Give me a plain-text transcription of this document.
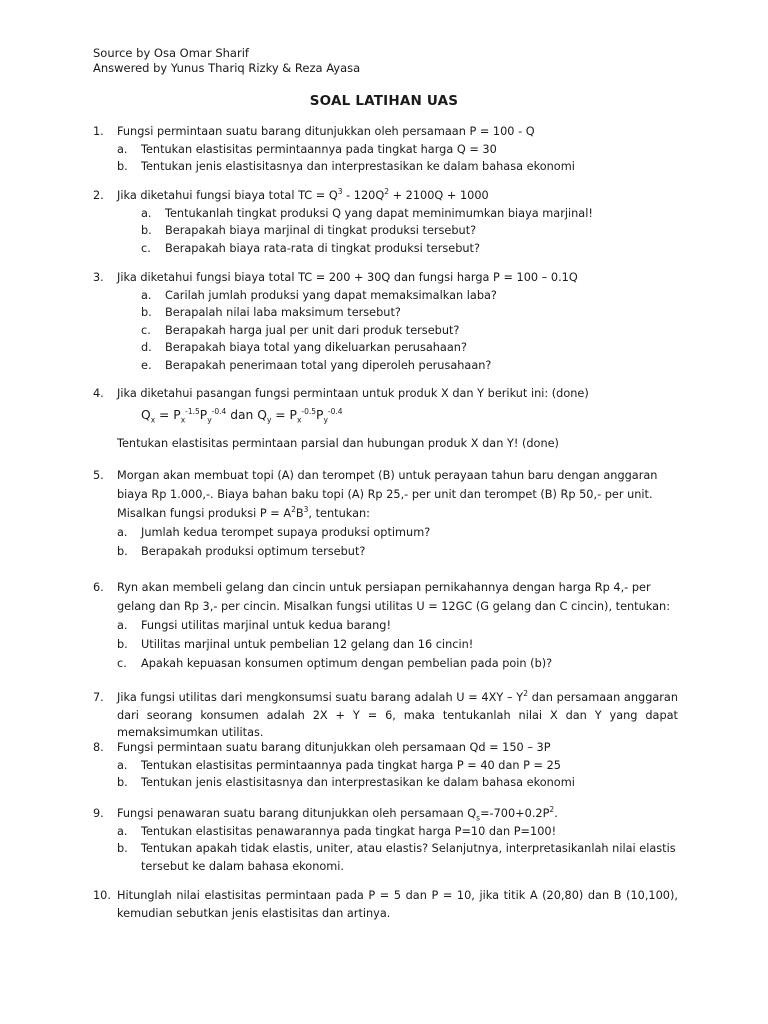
Source by Osa Omar Sharif
Answered by Yunus Thariq Rizky & Reza Ayasa
SOAL LATIHAN UAS
1. Fungsi permintaan suatu barang ditunjukkan oleh persamaan P = 100 - Q
a. Tentukan elastisitas permintaannya pada tingkat harga Q = 30
b. Tentukan jenis elastisitasnya dan interprestasikan ke dalam bahasa ekonomi
2. Jika diketahui fungsi biaya total TC = $Q^3 - 120Q^2 + 2100Q + 1000$
a. Tentukanlah tingkat produksi Q yang dapat meminimumkan biaya marjinal!
b. Berapakah biaya marjinal di tingkat produksi tersebut?
c. Berapakah biaya rata-rata di tingkat produksi tersebut?
3. Jika diketahui fungsi biaya total TC = 200 + 30Q dan fungsi harga P = 100 – 0.1Q
a. Carilah jumlah produksi yang dapat memaksimalkan laba?
b. Berapalah nilai laba maksimum tersebut?
c. Berapakah harga jual per unit dari produk tersebut?
d. Berapakah biaya total yang dikeluarkan perusahaan?
e. Berapakah penerimaan total yang diperoleh perusahaan?
4. Jika diketahui pasangan fungsi permintaan untuk produk X dan Y berikut ini: (done)
$Q_x = P_x^{-1.5}P_y^{-0.4}$ dan $Q_y = P_x^{-0.5}P_y^{-0.4}$
Tentukan elastisitas permintaan parsial dan hubungan produk X dan Y! (done)
5. Morgan akan membuat topi (A) dan terompet (B) untuk perayaan tahun baru dengan anggaran biaya Rp 1.000,-. Biaya bahan baku topi (A) Rp 25,- per unit dan terompet (B) Rp 50,- per unit. Misalkan fungsi produksi $P = A^2B^3$, tentukan:
a. Jumlah kedua terompet supaya produksi optimum?
b. Berapakah produksi optimum tersebut?
6. Ryn akan membeli gelang dan cincin untuk persiapan pernikahannya dengan harga Rp 4,- per gelang dan Rp 3,- per cincin. Misalkan fungsi utilitas U = 12GC (G gelang dan C cincin), tentukan:
a. Fungsi utilitas marjinal untuk kedua barang!
b. Utilitas marjinal untuk pembelian 12 gelang dan 16 cincin!
c. Apakah kepuasan konsumen optimum dengan pembelian pada poin (b)?
7. Jika fungsi utilitas dari mengkonsumsi suatu barang adalah $U = 4XY - Y^2$ dan persamaan anggaran dari seorang konsumen adalah 2X + Y = 6, maka tentukanlah nilai X dan Y yang dapat memaksimumkan utilitas.
8. Fungsi permintaan suatu barang ditunjukkan oleh persamaan Qd = 150 – 3P
a. Tentukan elastisitas permintaannya pada tingkat harga P = 40 dan P = 25
b. Tentukan jenis elastisitasnya dan interprestasikan ke dalam bahasa ekonomi
9. Fungsi penawaran suatu barang ditunjukkan oleh persamaan $Q_s=-700+0.2P^2$.
a. Tentukan elastisitas penawarannya pada tingkat harga P=10 dan P=100!
b. Tentukan apakah tidak elastis, uniter, atau elastis? Selanjutnya, interpretasikanlah nilai elastis tersebut ke dalam bahasa ekonomi.
10. Hitunglah nilai elastisitas permintaan pada P = 5 dan P = 10, jika titik A (20,80) dan B (10,100), kemudian sebutkan jenis elastisitas dan artinya.
